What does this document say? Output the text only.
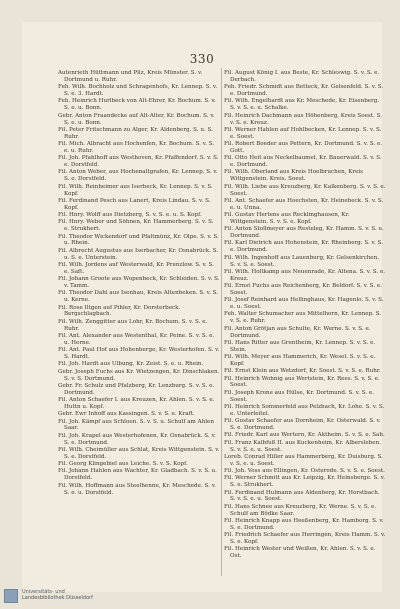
330
Autenrieth Hüttmann und Pilz, Kreis Münster. S. v. Dortmund u. Ruhr.
Feh. Wilh. Bochholz und Schragenhofs, Kr. Lennep. S. v. S. e. 3. Hardt.
Feh. Heinrich Hurlbeck von Alt-Ehrer, Kr. Bochum. S. v. S. e. u. Bonn.
Gebr. Anton Fraandecke auf Alt-Alter, Kr. Bochum. S. v. S. e. u. Bonn.
Fil. Peter Fritschmann zu Alger, Kr. Aldenberg. S. u. S. Ruhr.
Fil. Mich. Albracht aus Hochenfen, Kr. Bochum. S. v. S. e. u. Ruhr.
Fil. Joh. Pfahlhoff aus Westhoven, Kr. Pfaffendorf. S. v. S. e. Dorstfeld.
Fil. Anton Weber, aus Hochenaltgrafen, Kr. Lennep. S. v. S. e. Dorstfeld.
Fil. Wilh. Reinheimer aus Iserbeck, Kr. Lennep. S. v. S. Kopf.
Fil. Ferdinand Pesch aus Lanert, Kreis Lindau. S. v. S. Kopf.
Fil. Hnry. Wolff aus Dietzberg, S. v. S. e. u. S. Kopf.
Fil. Hnry. Weber und Söhnen, Kr. Hammerberg. S. v. S. e. Strukhert.
Fil. Theodor Wickendorf und Pfaltmünz, Kr. Olpe. S. v. S. u. Rhein.
Fil. Albrecht Augustus aus Iserbacher, Kr. Osnabrück. S. u. S. e. Unterstein.
Fil. Wilh. Jordens auf Westerwald, Kr. Prenzlow. S. v. S. e. Saft.
Fil. Johann Groote aus Wopenbeck, Kr. Schleiden. S. v. S. v. Tamm.
Fil. Theodor Dahl aus Isenhau, Kreis Altenbeken. S. v. S. u. Kerne.
Fil. Rose Iltgen auf Pihler, Kr. Dorsterbeck. Bergschlagbach.
Fil. Wilh. Zenggitter aus Lohr, Kr. Bochum. S. v. S. e. Ruhr.
Fil. Ant. Alexander aus Westenthal, Kr. Peine. S. v. S. e. u. Herne.
Fil. Ant. Paul Hof aus Hohenberge, Kr. Westerhofen. S. v. S. Hardt.
Fil. Joh. Hardt aus Ulbung, Kr. Zeist. S. e. u. Rhein.
Gebr. Joseph Fuchs aus Kr. Wietzengen, Kr. Dinschlaken. S. v. S. Dortmund.
Gebr. Fr. Schulz und Pfalzberg, Kr. Lenzburg. S. v. S. e. Dortmund.
Fil. Anton Schaefer I. aus Kreuzen, Kr. Ahlen. S. v. S. e. Huttn u. Kopf.
Gebr. Ewr Inhoff aus Kassingen. S. v. S. e. Kraft.
Fil. Joh. Kämpf aus Schloen. S. v. S. u. Schulf am Ahlen Saar.
Fil. Joh. Krapel aus Westerhofenen, Kr. Osnabrück. S. v. S. e. Dortmund.
Fil. Wilh. Cheimüller aus Schlat, Kreis Wittgenstein. S. v. S. e. Dorstfeld.
Fil. Georg Klingebiel aus Leiche. S. v. S. Kopf.
Fil. Johann Hahlen aus Wachter, Kr. Gladbach. S. v. S. u. Dorstfeld.
Fil. Wilh. Hoffmann aus Steelhenne, Kr. Meschede. S. v. S. e. u. Dorstfeld.
Fil. August König I. aus Beste, Kr. Schleswig. S. v. S. e. Derbach.
Feh. Friedr. Schmidt aus Betteck, Kr. Gelsenfeld. S. v. S. e. Dortmund.
Fil. Wilh. Engelhardt aus Kr. Meschede, Kr. Eisenberg. S. v. S. e. u. Schalke.
Fil. Heinrich Dachmann aus Höhenberg, Kreis Soest. S. v. S. e. Kreuz.
Fil. Werner Hahlen auf Hohlbecken, Kr. Lennep. S. v. S. e. Soest.
Fil. Robert Boeder aus Pettern, Kr. Dortmund. S. v. S. e. Gott.
Fil. Otto Heit aus Neckelbaumel, Kr. Bauerwald. S. v. S. e. Dortmund.
Fil. Wilh. Oberland aus Kreis Hoelbruchen, Kreis Wittgenstein. Kreis. Soest.
Fil. Wilh. Liebe aus Kreuzberg, Kr. Kalkenberg. S. v. S. e. Soest.
Fil. Ant. Schaefer aus Hoechsten, Kr. Heinebeck. S. v. S. e. u. Unna.
Fil. Gustav Hertens aus Recklinghausen, Kr. Wittgenstein. S. v. S. e. Kopf.
Fil. Anton Stollmeyer aus Resteleg, Kr. Hamm. S. v. S. e. Dortmund.
Fil. Karl Dietrich aus Hohenstein, Kr. Rheinberg. S. v. S. e. Dortmund.
Fil. Wilh. Ingenhoff aus Lauenburg, Kr. Gelsenkirchen. S. v. S. e. Soest.
Fil. Wilh. Holtkamp aus Neuenrade, Kr. Altena. S. v. S. e. Kreuz.
Fil. Ernst Fuchs aus Reichenberg, Kr. Beldorf. S. v. S. e. Soest.
Fil. Josef Reinhard aus Hellinghaus, Kr. Hagenlo. S. v. S. e. u. Soest.
Feh. Walter Schumacher aus Mittelhorn, Kr. Lennep. S. v. S. e. Ruhr.
Fil. Anton Grötjan aus Schulte, Kr. Werne. S. v. S. e. Dortmund.
Fil. Hans Ritter aus Grentheim, Kr. Lennep. S. v. S. e. Stein.
Fil. Wilh. Meyer aus Hammerich, Kr. Wesel. S. v. S. e. Kopf.
Fil. Ernst Klein aus Wetzdorf, Kr. Soest. S. v. S. e. Ruhr.
Fil. Heinrich Wohnig aus Wertstein, Kr. Rees. S. v. S. e. Soest.
Fil. Joseph Krone aus Hülse, Kr. Dortmund. S. v. S. e. Soest.
Fil. Heinrich Sommerfeld aus Pelzbach, Kr. Lohe. S. v. S. e. Unterleitel.
Fil. Gustav Schaefer aus Dornheim, Kr. Osterwald. S. v. S. e. Dortmund.
Fil. Friedr. Karl aus Wertern, Kr. Aktheim. S. v. S. e. Sah.
Fil. Franz Kalbfuß II. aus Kuckenheim, Kr. Albersleben. S. v. S. e. u. Soest.
Loreb. Conrad Hiller aus Hammerberg, Kr. Duisburg. S. v. S. e. u. Soest.
Fil. Joh. Voss aus Ellingen, Kr. Osterode. S. v. S. e. Soest.
Fil. Werner Schmitt aus Kr. Leipzig, Kr. Heinsberge. S. v. S. e. Strukhert.
Fil. Ferdinand Hulmann aus Aldenberg, Kr. Horstbach. S. v. S. e. u. Soest.
Fil. Hans Schnee aus Kreuzberg, Kr. Werne. S. v. S. e. Schulf am Bödke Saar.
Fil. Heinrich Knapp aus Heeßenberg, Kr. Hamborg. S. v. S. e. Dortmund.
Fil. Friedrich Schaefer aus Herringen, Kreis Hamm. S. v. S. e. Kopf.
Fil. Heinrich Wester und Weißen, Kr. Ahlen. S. v. S. e. Ost.
Universitäts- und
Landesbibliothek Düsseldorf
